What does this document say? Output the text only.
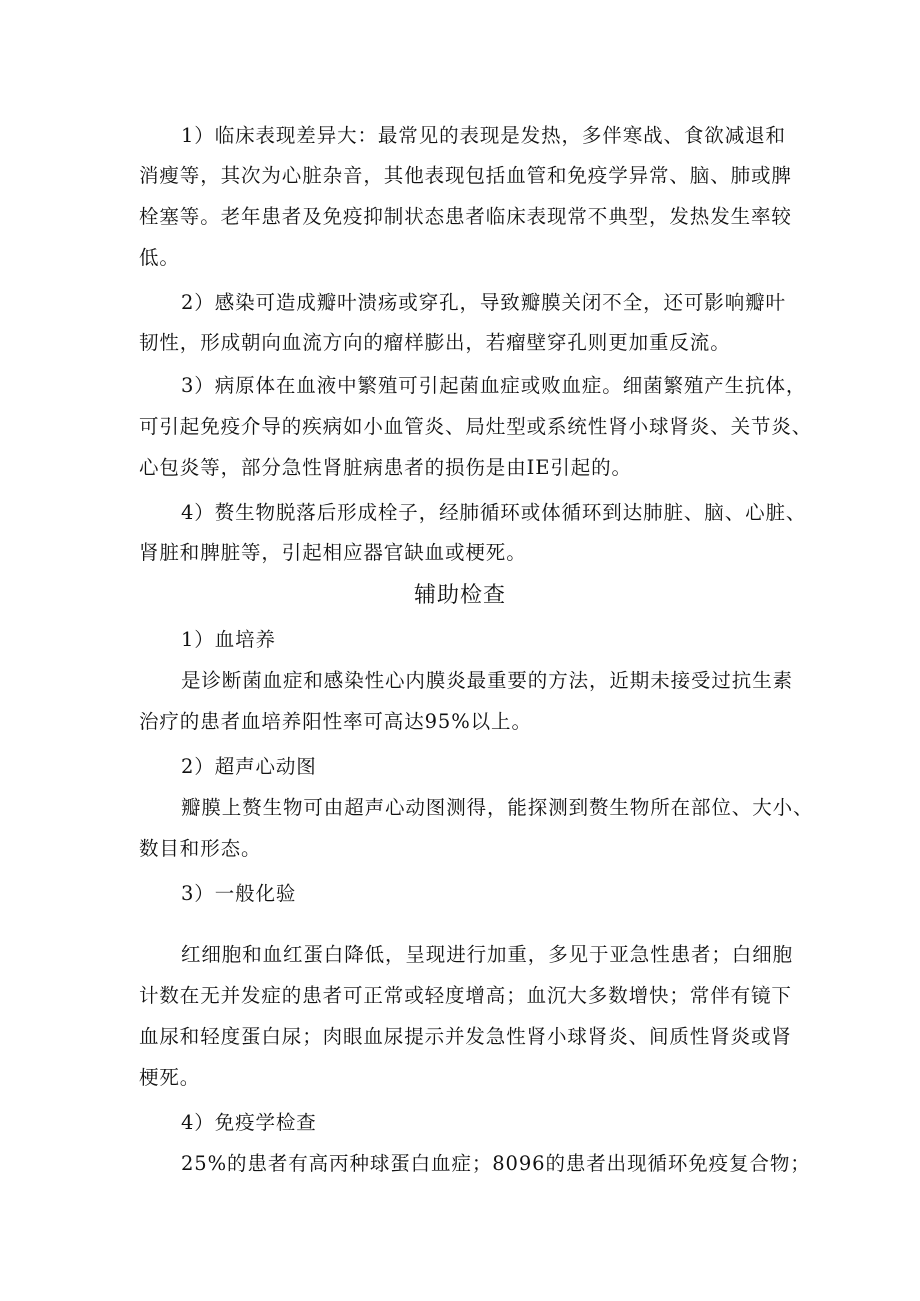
1）临床表现差异大：最常见的表现是发热，多伴寒战、食欲减退和
消瘦等，其次为心脏杂音，其他表现包括血管和免疫学异常、脑、肺或脾
栓塞等。老年患者及免疫抑制状态患者临床表现常不典型，发热发生率较
低。
2）感染可造成瓣叶溃疡或穿孔，导致瓣膜关闭不全，还可影响瓣叶
韧性，形成朝向血流方向的瘤样膨出，若瘤壁穿孔则更加重反流。
3）病原体在血液中繁殖可引起菌血症或败血症。细菌繁殖产生抗体，
可引起免疫介导的疾病如小血管炎、局灶型或系统性肾小球肾炎、关节炎、
心包炎等，部分急性肾脏病患者的损伤是由IE引起的。
4）赘生物脱落后形成栓子，经肺循环或体循环到达肺脏、脑、心脏、
肾脏和脾脏等，引起相应器官缺血或梗死。
辅助检查
1）血培养
是诊断菌血症和感染性心内膜炎最重要的方法，近期未接受过抗生素
治疗的患者血培养阳性率可高达95%以上。
2）超声心动图
瓣膜上赘生物可由超声心动图测得，能探测到赘生物所在部位、大小、
数目和形态。
3）一般化验
红细胞和血红蛋白降低，呈现进行加重，多见于亚急性患者；白细胞
计数在无并发症的患者可正常或轻度增高；血沉大多数增快；常伴有镜下
血尿和轻度蛋白尿；肉眼血尿提示并发急性肾小球肾炎、间质性肾炎或肾
梗死。
4）免疫学检查
25%的患者有高丙种球蛋白血症；8096的患者出现循环免疫复合物；
